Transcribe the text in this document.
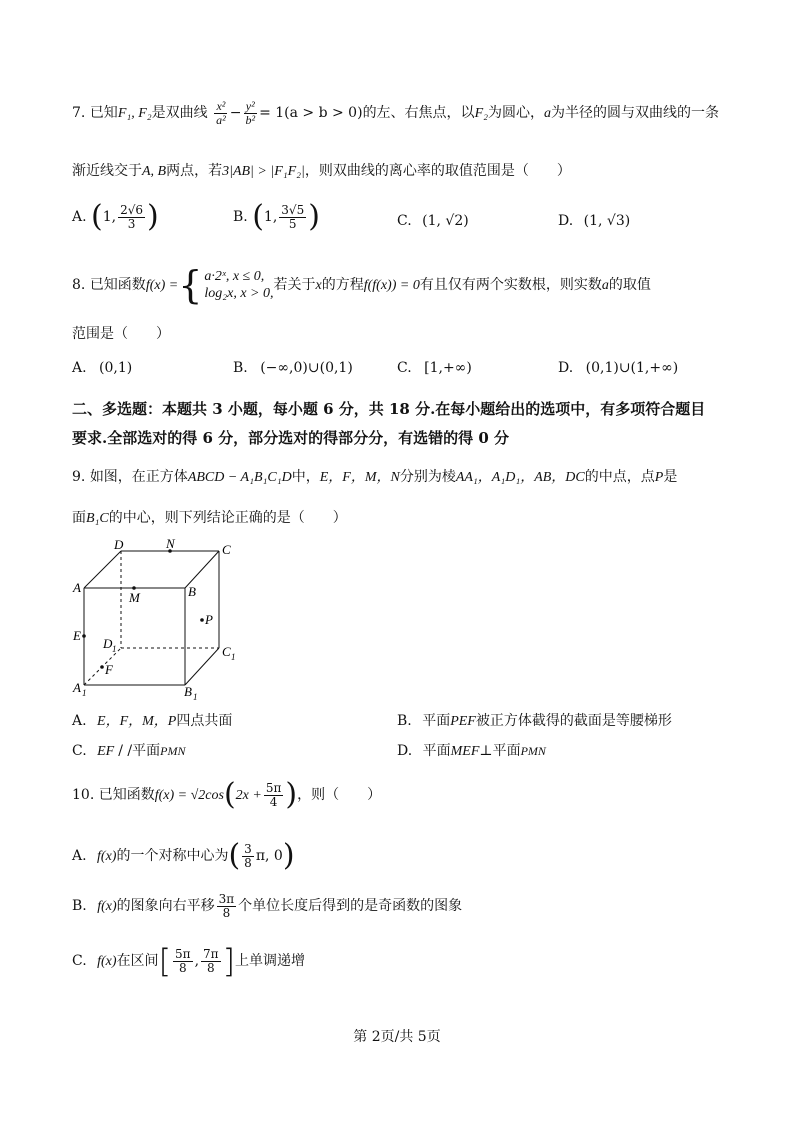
7. 已知F₁, F₂是双曲线 $\frac{\text{x²}}{\text{a²}} - \frac{\text{y²}}{\text{b²}} = 1(a > b > 0)$的左、右焦点，以F₂为圆心，a为半径的圆与双曲线的一条
渐近线交于A, B两点，若3|AB| > |F₁F₂|，则双曲线的离心率的取值范围是（　　）
A. (1, $\frac{2√6}{3}$ )	B. (1, $\frac{3√5}{5}$ )	C. (1, √2)	D. (1, √3)
8. 已知函数f(x) = { a·2ˣ, x ≤ 0,
log₂x, x > 0,
若关于x的方程f(f(x)) = 0有且仅有两个实数根，则实数a的取值
范围是（　　）
A. (0,1)	B. (−∞,0)∪(0,1)	C. [1,+∞)	D. (0,1)∪(1,+∞)
二、多选题：本题共 3 小题，每小题 6 分，共 18 分.在每小题给出的选项中，有多项符合题目
要求.全部选对的得 6 分，部分选对的得部分分，有选错的得 0 分
9. 如图，在正方体ABCD − A₁B₁C₁D中，E，F，M，N分别为棱AA₁，A₁D₁，AB，DC的中点，点P是
面B₁C的中心，则下列结论正确的是（　　）
D	N	C
A
M	B
P
E
D 1	C 1
F
A 1	B 1
A. E，F，M，P四点共面	B. 平面PEF被正方体截得的截面是等腰梯形
C. EF / /平面PMN	D. 平面MEF⊥平面PMN
10. 已知函数$f(x) = √2\cos(2x + \frac{5\pi}{4}$ )，则（　　）
A. f(x)的一个对称中心为( $\frac{3}{8} \pi$, 0)
B. f(x)的图象向右平移 $\frac{3\pi}{8}$ 个单位长度后得到的是奇函数的图象
C. f(x)在区间[ $\frac{5\pi}{8}$ , $\frac{7\pi}{8}$ ]上单调递增
第 2页/共 5页
